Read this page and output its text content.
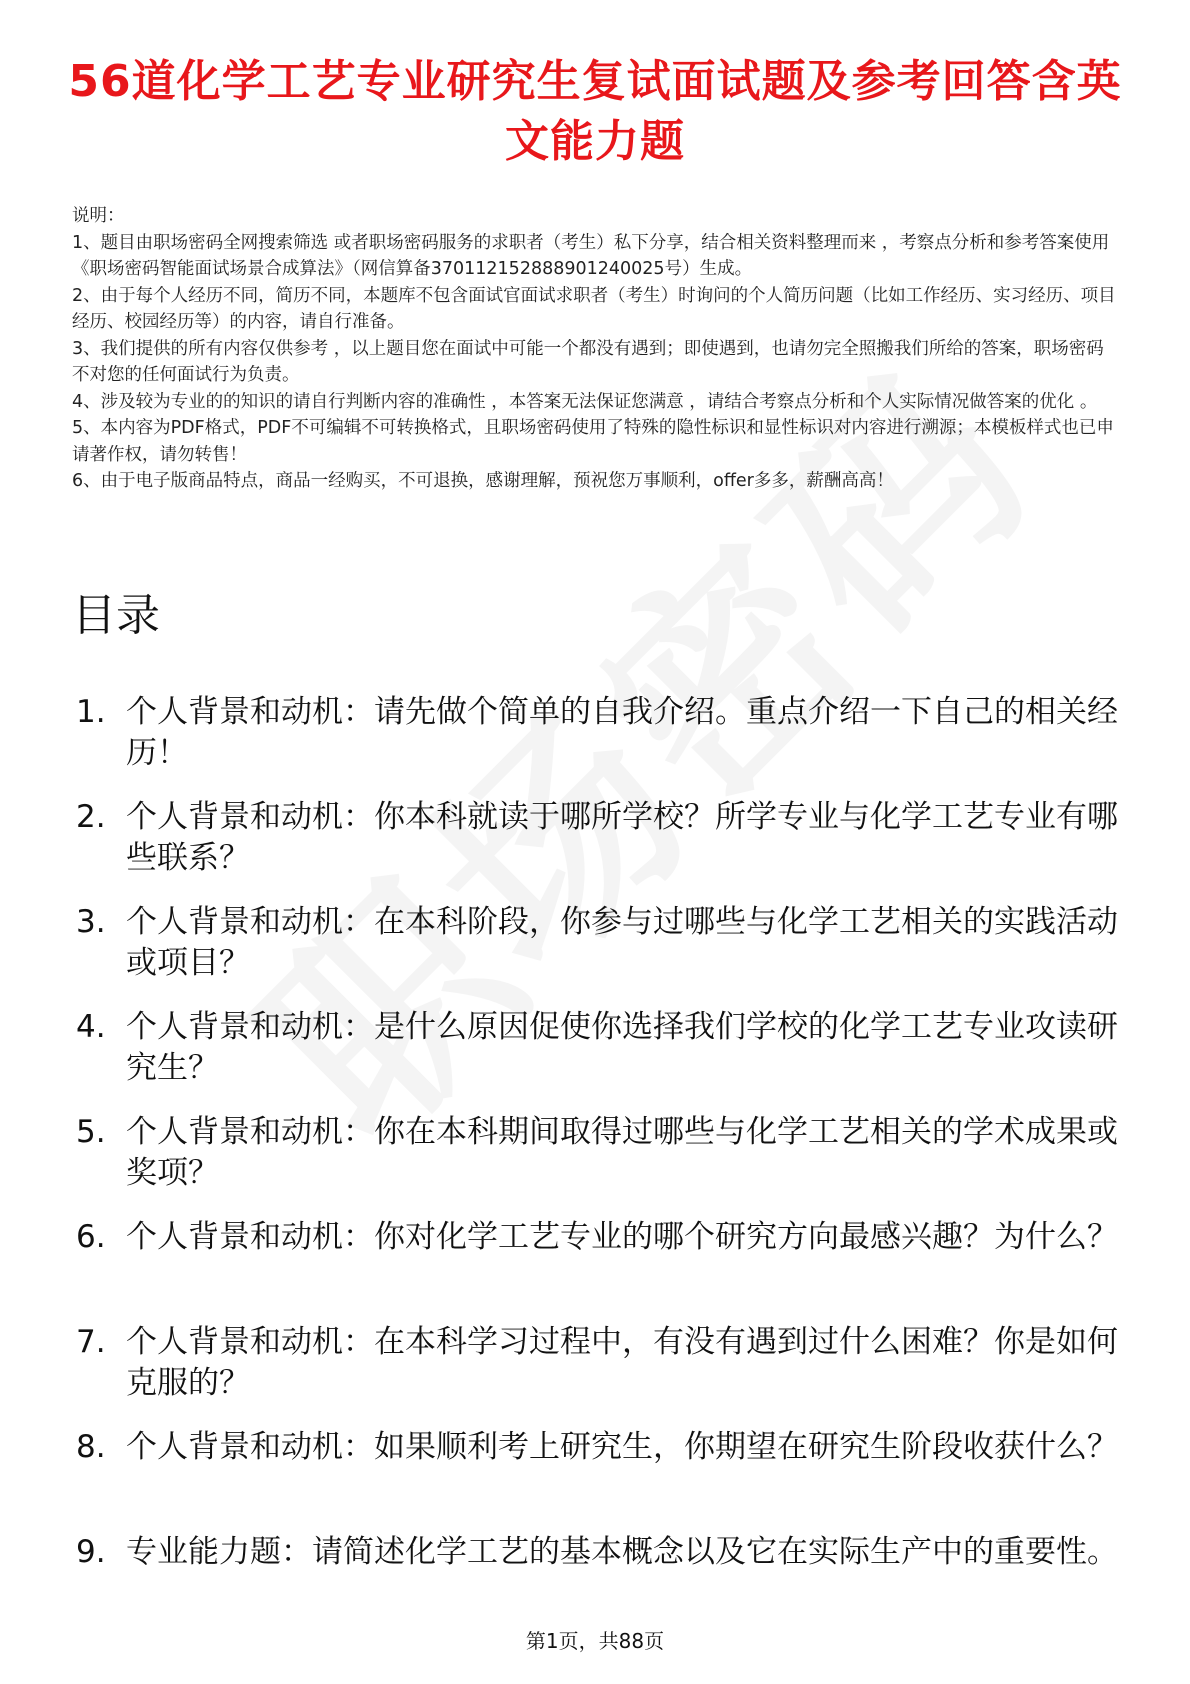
56道化学工艺专业研究生复试面试题及参考回答含英文能力题

说明：

1、题目由职场密码全网搜索筛选 或者职场密码服务的求职者（考生）私下分享，结合相关资料整理而来 ，考察点分析和参考答案使用《职场密码智能面试场景合成算法》（网信算备370112152888901240025号）生成。

2、由于每个人经历不同，简历不同，本题库不包含面试官面试求职者（考生）时询问的个人简历问题（比如工作经历、实习经历、项目经历、校园经历等）的内容，请自行准备。

3、我们提供的所有内容仅供参考 ，以上题目您在面试中可能一个都没有遇到；即使遇到，也请勿完全照搬我们所给的答案，职场密码不对您的任何面试行为负责。

4、涉及较为专业的的知识的请自行判断内容的准确性 ，本答案无法保证您满意 ，请结合考察点分析和个人实际情况做答案的优化 。

5、本内容为PDF格式，PDF不可编辑不可转换格式，且职场密码使用了特殊的隐性标识和显性标识对内容进行溯源；本模板样式也已申请著作权，请勿转售！

6、由于电子版商品特点，商品一经购买，不可退换，感谢理解，预祝您万事顺利，offer多多，薪酬高高！

目录
1. 个人背景和动机：请先做个简单的自我介绍。重点介绍一下自己的相关经历！
2. 个人背景和动机：你本科就读于哪所学校？所学专业与化学工艺专业有哪些联系？
3. 个人背景和动机：在本科阶段，你参与过哪些与化学工艺相关的实践活动或项目？
4. 个人背景和动机：是什么原因促使你选择我们学校的化学工艺专业攻读研究生？
5. 个人背景和动机：你在本科期间取得过哪些与化学工艺相关的学术成果或奖项？
6. 个人背景和动机：你对化学工艺专业的哪个研究方向最感兴趣？为什么？
7. 个人背景和动机：在本科学习过程中，有没有遇到过什么困难？你是如何克服的？
8. 个人背景和动机：如果顺利考上研究生，你期望在研究生阶段收获什么？
9. 专业能力题：请简述化学工艺的基本概念以及它在实际生产中的重要性。
第1页，共88页
